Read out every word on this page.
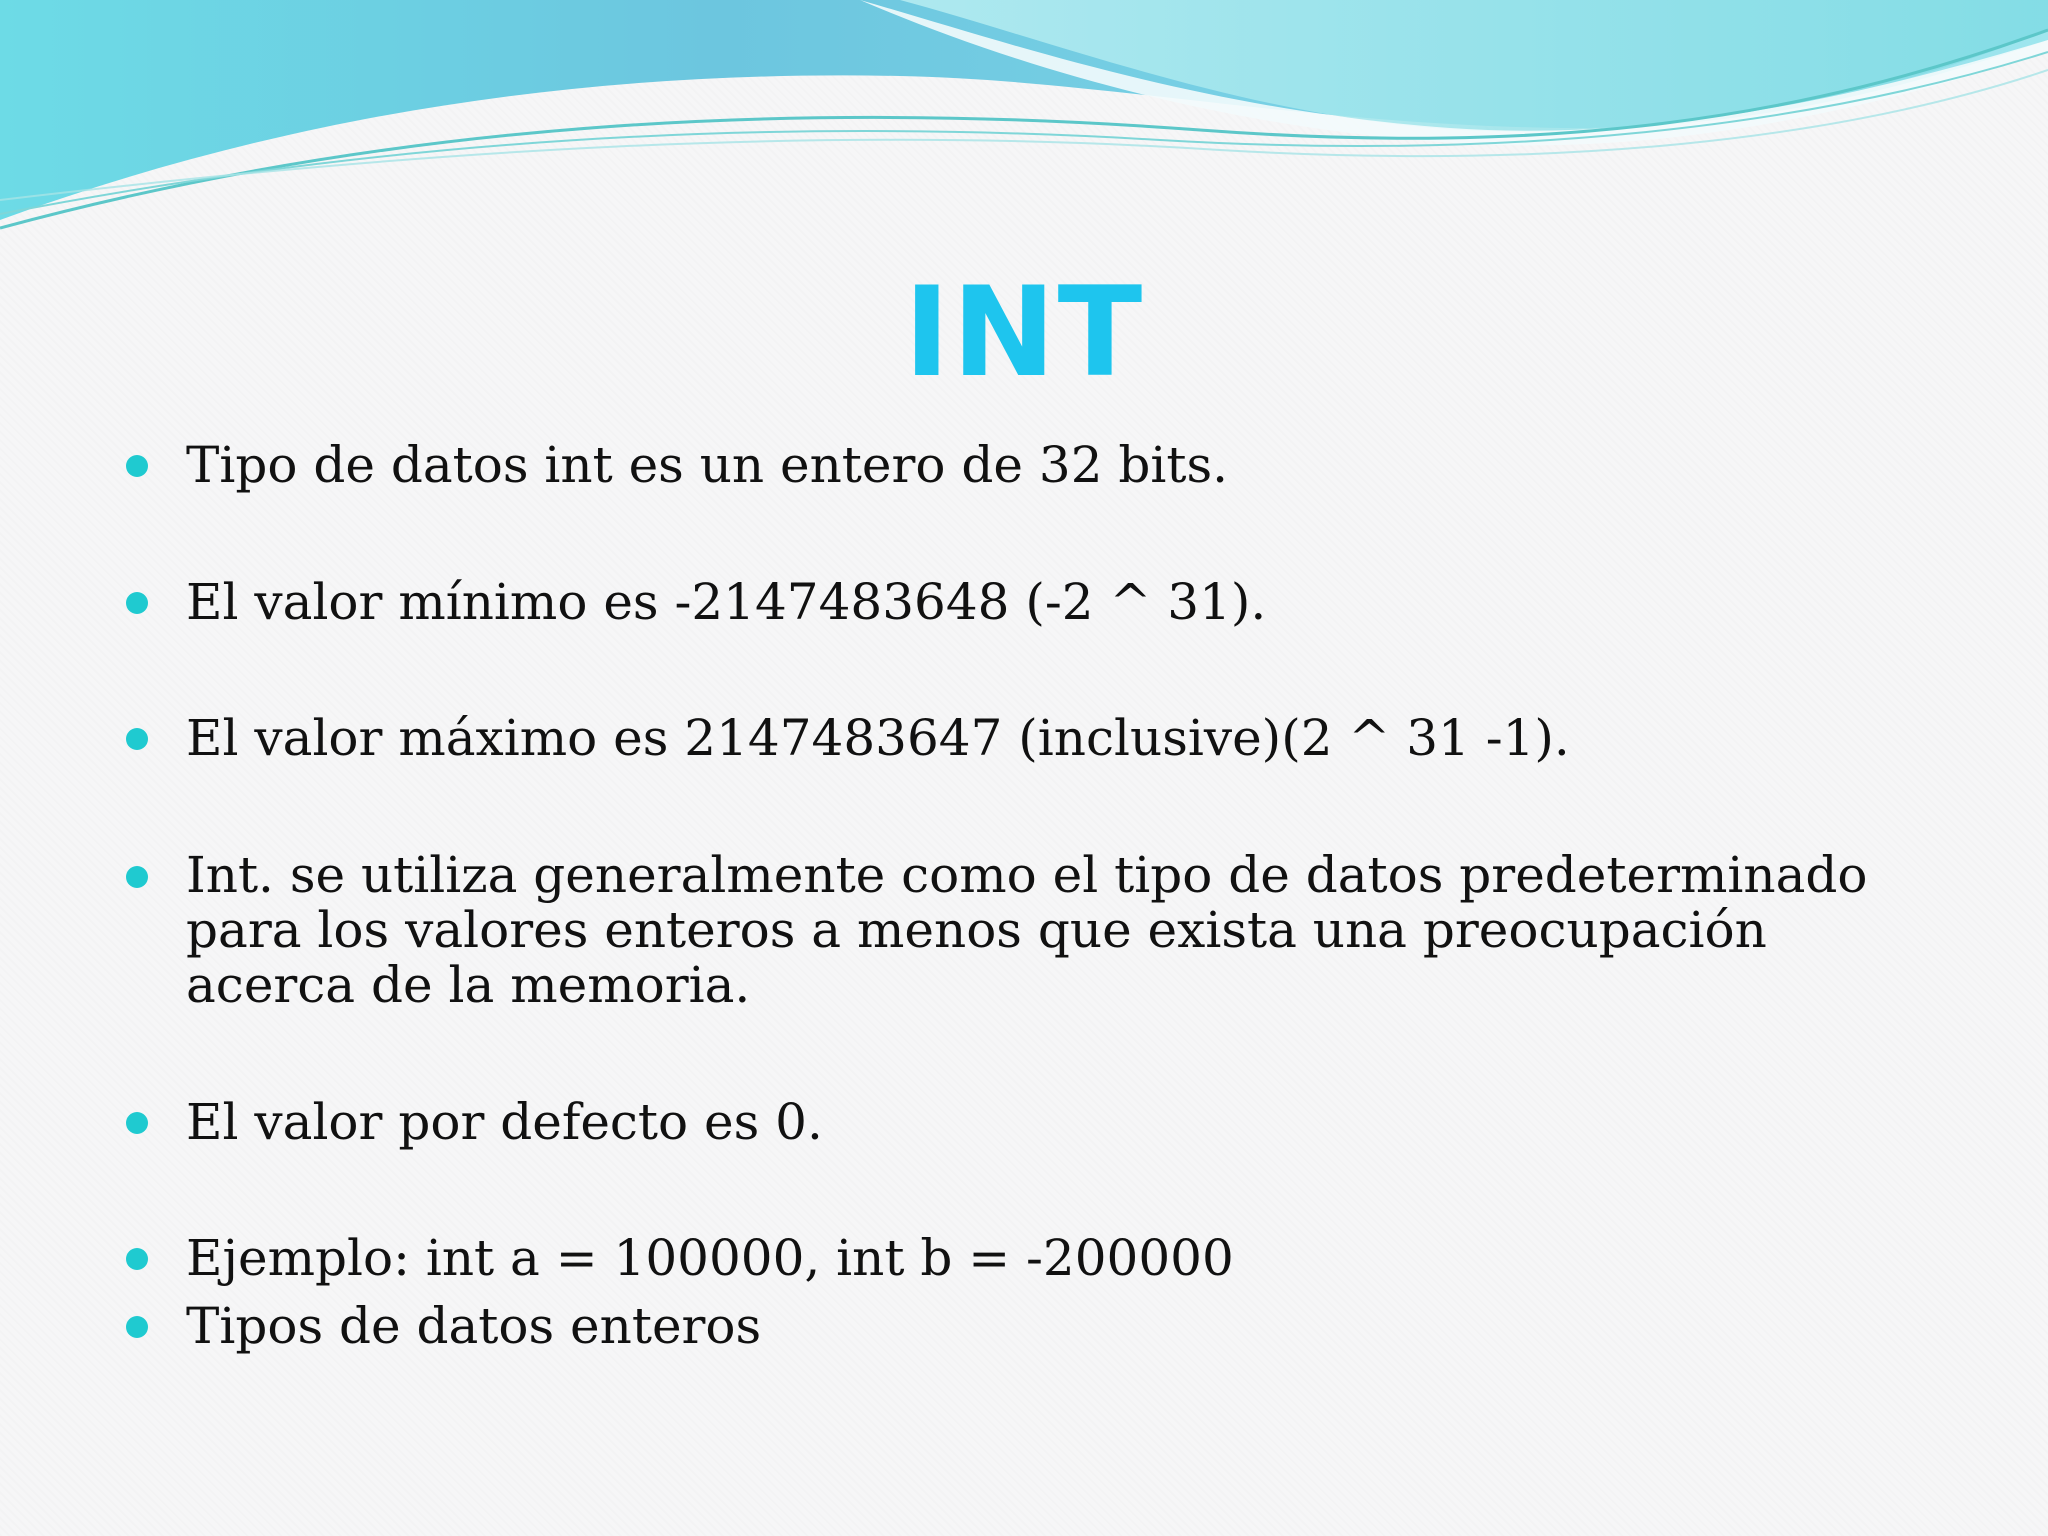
INT
Tipo de datos int es un entero de 32 bits.
El valor mínimo es -2147483648 (-2 ^ 31).
El valor máximo es 2147483647 (inclusive)(2 ^ 31 -1).
Int. se utiliza generalmente como el tipo de datos predeterminado para los valores enteros a menos que exista una preocupación acerca de la memoria.
El valor por defecto es 0.
Ejemplo: int a = 100000, int b = -200000
Tipos de datos enteros
